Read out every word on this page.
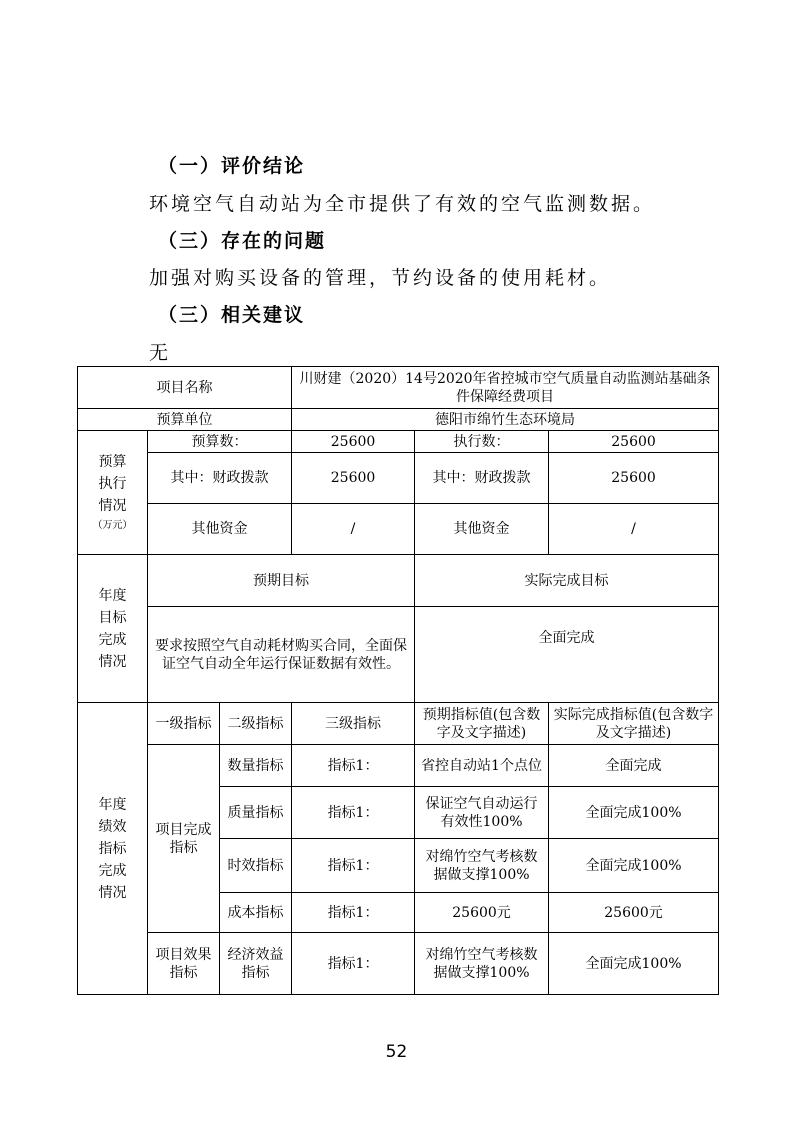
（一）评价结论
环境空气自动站为全市提供了有效的空气监测数据。
（三）存在的问题
加强对购买设备的管理，节约设备的使用耗材。
（三）相关建议
无
项目名称			川财建（2020）14号2020年省控城市空气质量自动监测站基础条件保障经费项目		
预算单位			德阳市绵竹生态环境局		

预算执行情况
（万元）	预算数：		25600	执行数：	25600
	其中：财政拨款		25600	其中：财政拨款	25600
	其他资金		/	其他资金	/

年度目标完成情况	预期目标			实际完成目标	
	要求按照空气自动耗材购买合同，全面保证空气自动全年运行保证数据有效性。			全面完成	

年度绩效指标完成情况	一级指标	二级指标	三级指标	预期指标值(包含数字及文字描述)	实际完成指标值(包含数字及文字描述)
	项目完成指标	数量指标	指标1：	省控自动站1个点位	全面完成
		质量指标	指标1：	保证空气自动运行有效性100%	全面完成100%
		时效指标	指标1：	对绵竹空气考核数据做支撑100%	全面完成100%
		成本指标	指标1：	25600元	25600元
	项目效果指标	经济效益指标	指标1：	对绵竹空气考核数据做支撑100%	全面完成100%
52
